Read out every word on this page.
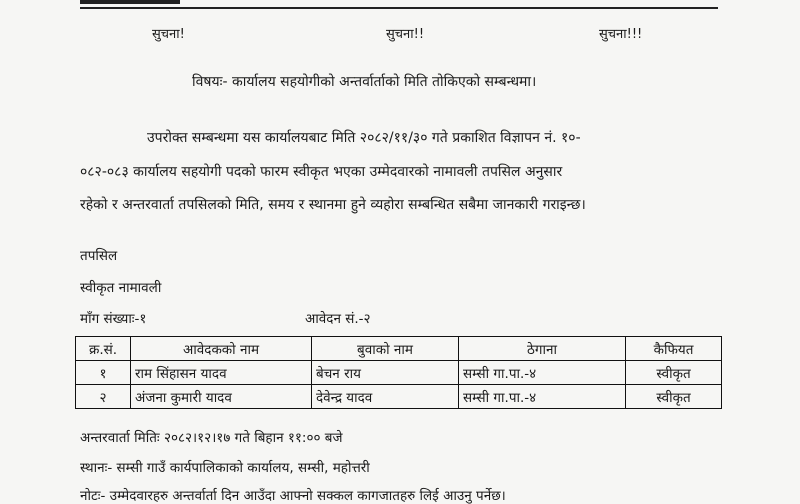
सुचना!	सुचना!!	सुचना!!!
विषयः- कार्यालय सहयोगीको अन्तर्वार्ताको मिति तोकिएको सम्बन्धमा।
उपरोक्त सम्बन्धमा यस कार्यालयबाट मिति २०८२/११/३० गते प्रकाशित विज्ञापन नं. १०-
०८२-०८३ कार्यालय सहयोगी पदको फारम स्वीकृत भएका उम्मेदवारको नामावली तपसिल अनुसार
रहेको र अन्तरवार्ता तपसिलको मिति, समय र स्थानमा हुने व्यहोरा सम्बन्धित सबैमा जानकारी गराइन्छ।
तपसिल
स्वीकृत नामावली
माँग संख्याः-१	आवेदन सं.-२
क्र.सं.	आवेदकको नाम	बुवाको नाम	ठेगाना	कैफियत
१	राम सिंहासन यादव	बेचन राय	सम्सी गा.पा.-४	स्वीकृत
२	अंजना कुमारी यादव	देवेन्द्र यादव	सम्सी गा.पा.-४	स्वीकृत
अन्तरवार्ता मितिः २०८२।१२।१७ गते बिहान ११:०० बजे
स्थानः- सम्सी गाउँ कार्यपालिकाको कार्यालय, सम्सी, महोत्तरी
नोटः- उम्मेदवारहरु अन्तर्वार्ता दिन आउँदा आफ्नो सक्कल कागजातहरु लिई आउनु पर्नेछ।
